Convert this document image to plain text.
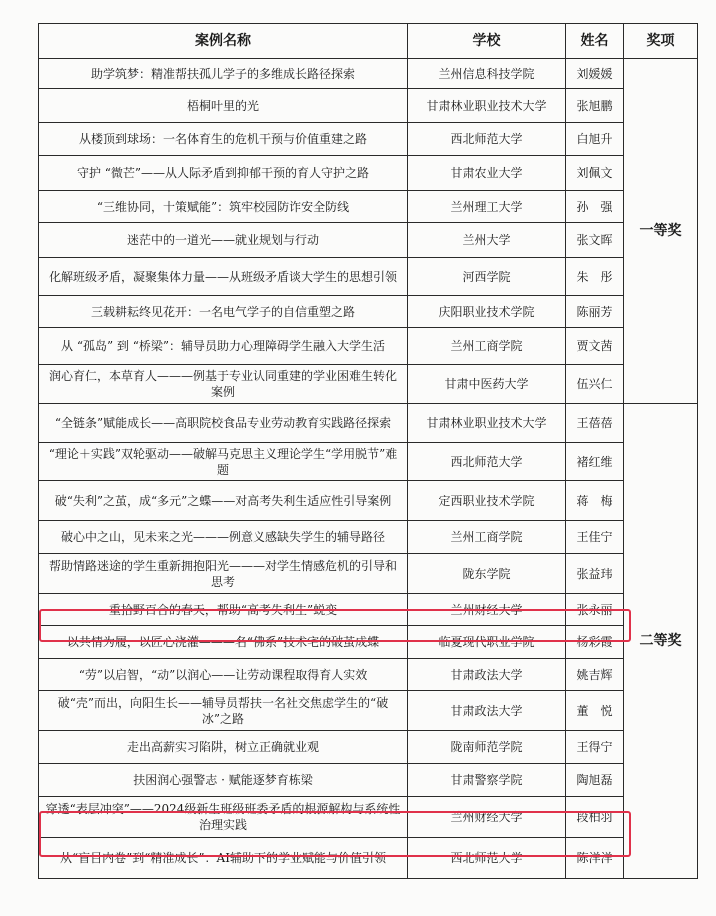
案例名称	学校	姓名	奖项
助学筑梦：精准帮扶孤儿学子的多维成长路径探索	兰州信息科技学院	刘媛媛	一等奖
梧桐叶里的光	甘肃林业职业技术大学	张旭鹏	
从楼顶到球场：一名体育生的危机干预与价值重建之路	西北师范大学	白旭升	
守护 “微芒”——从人际矛盾到抑郁干预的育人守护之路	甘肃农业大学	刘佩文	
“三维协同，十策赋能”：筑牢校园防诈安全防线	兰州理工大学	孙　强	
迷茫中的一道光——就业规划与行动	兰州大学	张文晖	
化解班级矛盾，凝聚集体力量——从班级矛盾谈大学生的思想引领	河西学院	朱　彤	
三载耕耘终见花开：一名电气学子的自信重塑之路	庆阳职业技术学院	陈丽芳	
从 “孤岛” 到 “桥梁”：辅导员助力心理障碍学生融入大学生活	兰州工商学院	贾文茜	
润心育仁，本草育人———例基于专业认同重建的学业困难生转化案例	甘肃中医药大学	伍兴仁	
“全链条”赋能成长——高职院校食品专业劳动教育实践路径探索	甘肃林业职业技术大学	王蓓蓓	二等奖
“理论＋实践”双轮驱动——破解马克思主义理论学生“学用脱节”难题	西北师范大学	褚红维	
破“失利”之茧，成“多元”之蝶——对高考失利生适应性引导案例	定西职业技术学院	蒋　梅	
破心中之山，见未来之光———例意义感缺失学生的辅导路径	兰州工商学院	王佳宁	
帮助情路迷途的学生重新拥抱阳光———对学生情感危机的引导和思考	陇东学院	张益玮	
重拾野百合的春天，帮助“高考失利生”蜕变	兰州财经大学	张永丽	
以共情为履，以匠心浇灌———名“佛系”技术宅的破茧成蝶	临夏现代职业学院	杨彩霞	
“劳”以启智，“动”以润心——让劳动课程取得育人实效	甘肃政法大学	姚吉辉	
破“壳”而出，向阳生长——辅导员帮扶一名社交焦虑学生的“破冰”之路	甘肃政法大学	董　悦	
走出高薪实习陷阱，树立正确就业观	陇南师范学院	王得宁	
扶困润心强警志 · 赋能逐梦育栋梁	甘肃警察学院	陶旭磊	
穿透“表层冲突”——2024级新生班级班委矛盾的根源解构与系统性治理实践	兰州财经大学	段柏羽	
从“盲目内卷”到“精准成长”：AI辅助下的学业赋能与价值引领	西北师范大学	陈洋洋	
